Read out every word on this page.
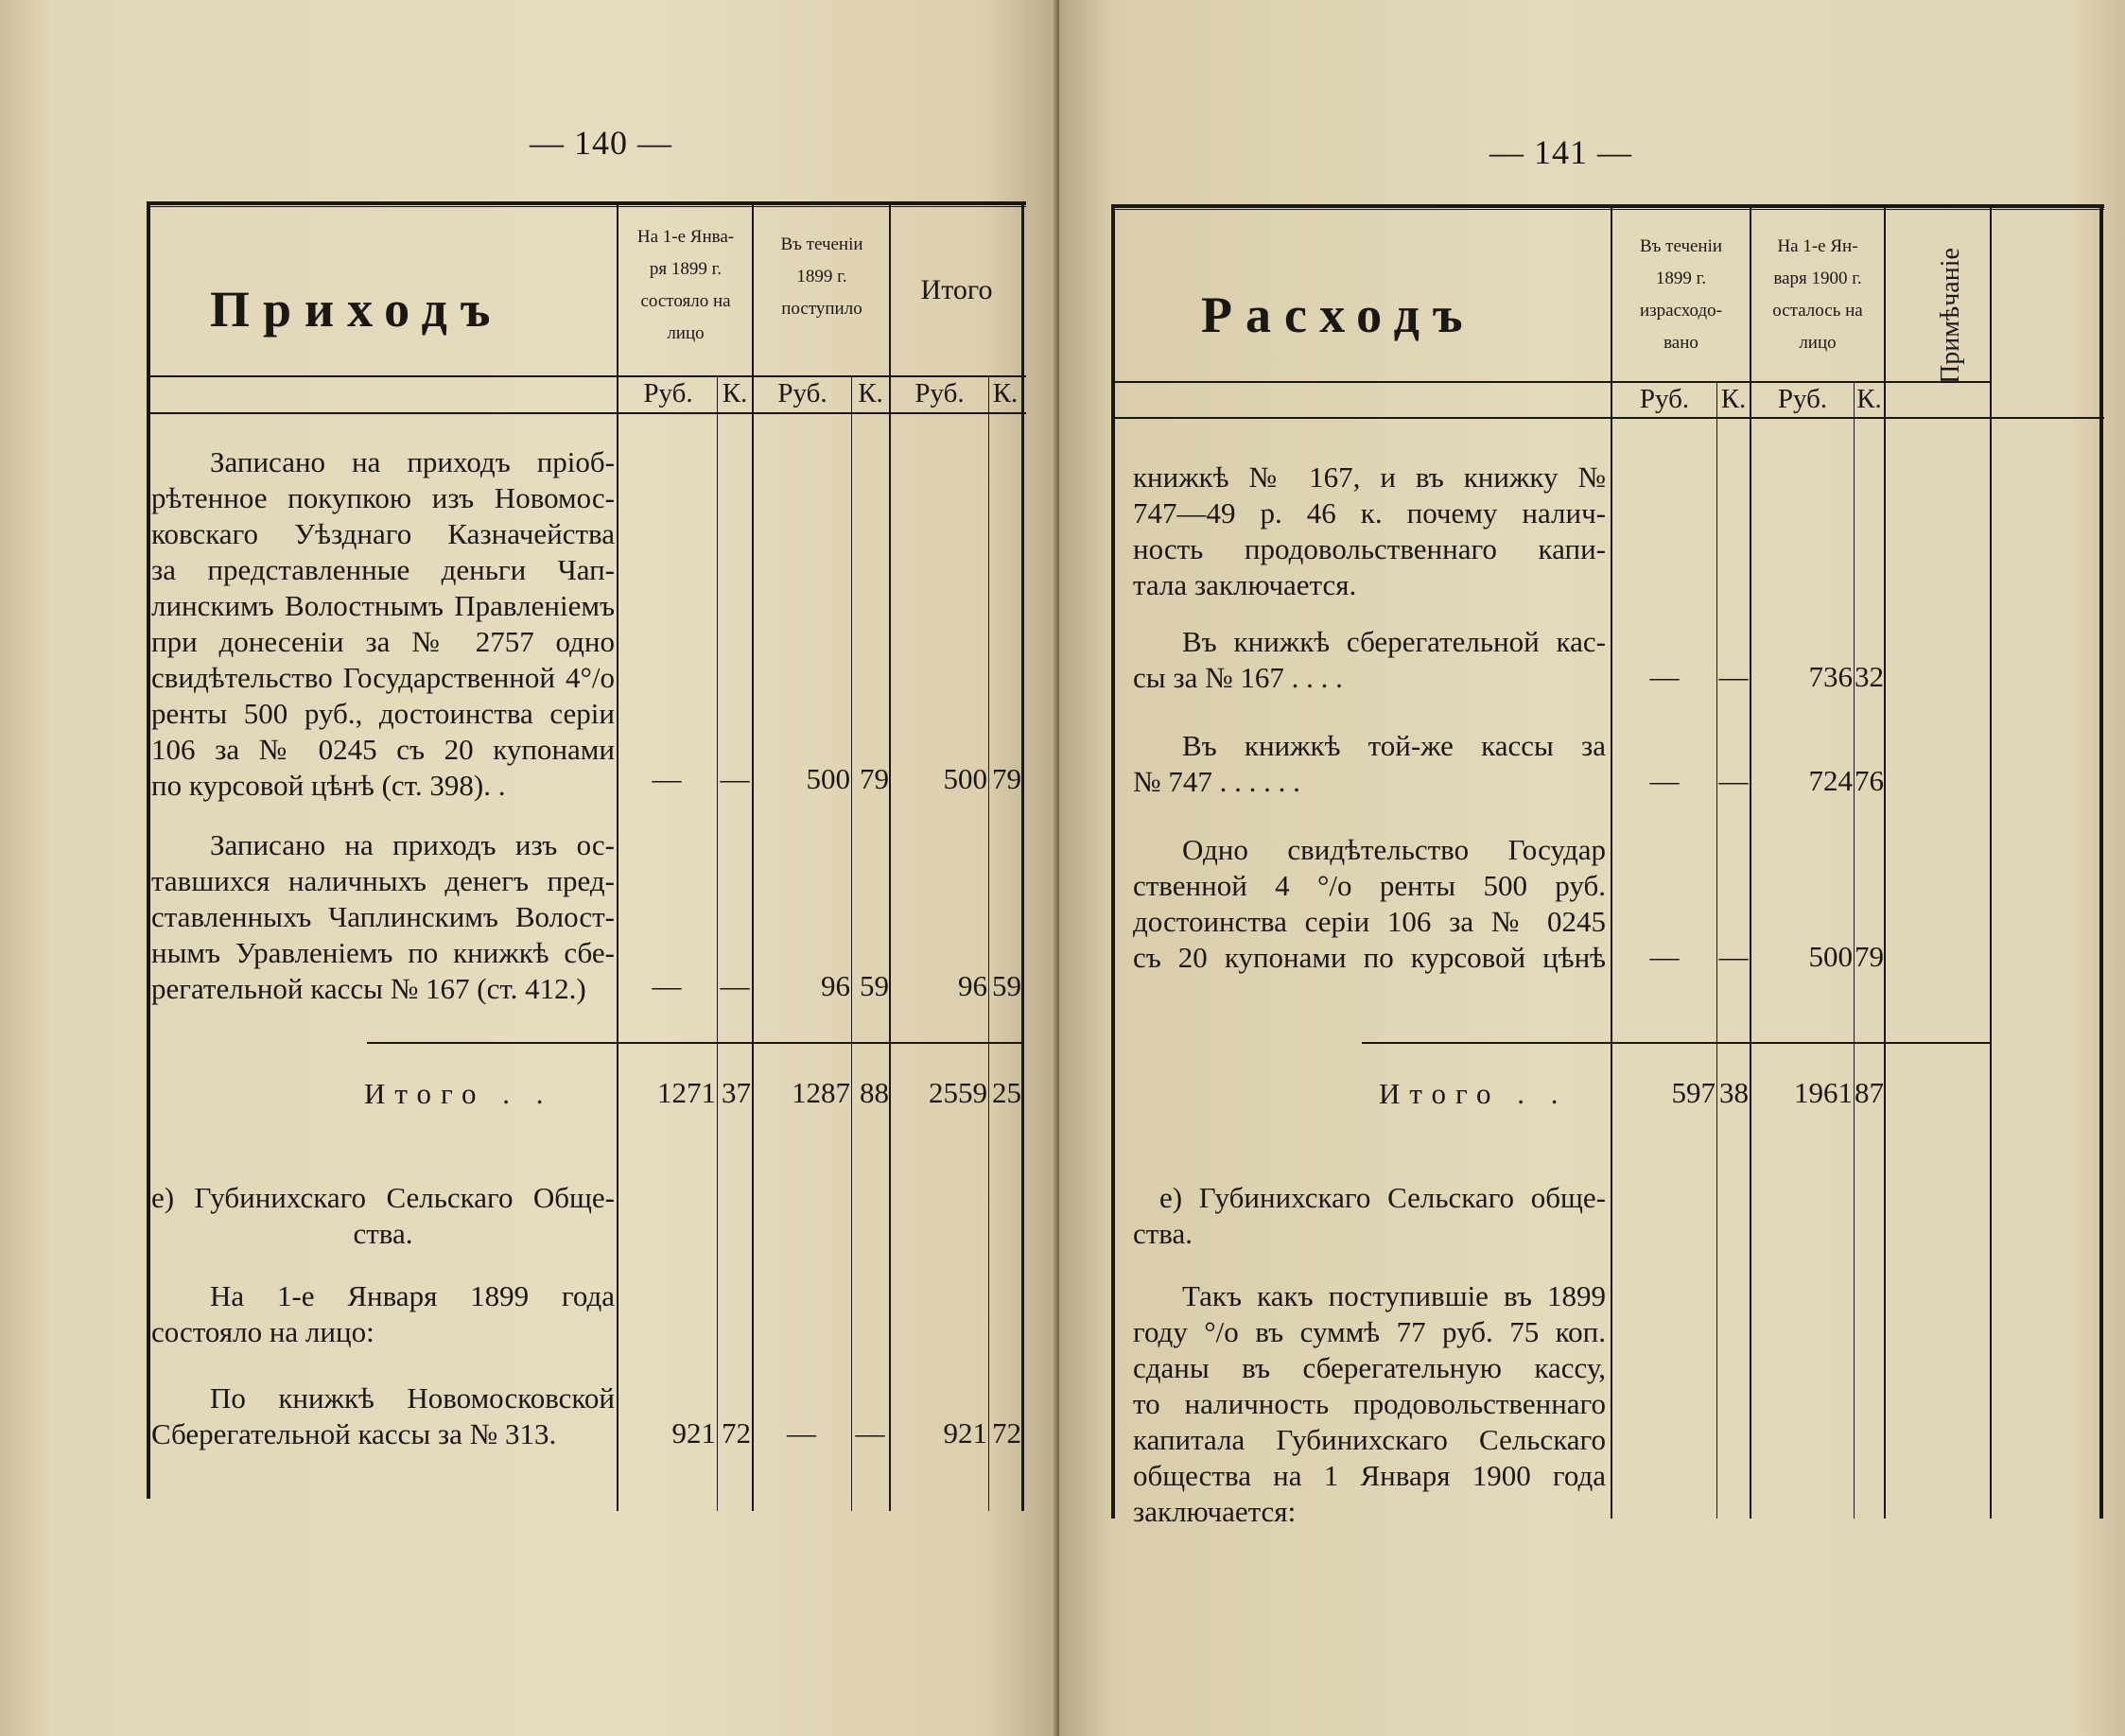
— 140 —
Приходъ
На 1-е Янва-
ря 1899 г.
состояло на
лицо
Въ теченіи
1899 г.
поступило
Итого
Руб.	К.	Руб.	К.	Руб.	К.

Записано на приходъ пріоб-

рѣтенное покупкою изъ Новомос-

ковскаго Уѣзднаго Казначейства

за представленные деньги Чап-

линскимъ Волостнымъ Правленіемъ

при донесеніи за № 2757 одно

свидѣтельство Государственной 4°/о

ренты 500 руб., достоинства серіи

106 за № 0245 съ 20 купонами

по курсовой цѣнѣ (ст. 398). .	—	—	500 79	500 79

Записано на приходъ изъ ос-

тавшихся наличныхъ денегъ пред-

ставленныхъ Чаплинскимъ Волост-

нымъ Уравленіемъ по книжкѣ сбе-

регательной кассы № 167 (ст. 412.)	—	—	96 59	96 59
Итого . .	1271 37	1287 88	2559 25

е) Губинихскаго Сельскаго Обще-

ства.

На 1-е Января 1899 года

состояло на лицо:

По книжкѣ Новомосковской

Сберегательной кассы за № 313.	921 72	—	—	921 72
— 141 —
Расходъ
Въ теченіи
1899 г.
израсходо-
вано
На 1-е Ян-
варя 1900 г.
осталось на
лицо	Примѣчаніе
Руб.	К.	Руб.	К.

книжкѣ № 167, и въ книжку №

747—49 р. 46 к. почему налич-

ность продовольственнаго капи-

тала заключается.

Въ книжкѣ сберегательной кас-

сы за № 167 . . . .	—	—	736 32

Въ книжкѣ той-же кассы за

№ 747 . . . . . .	—	—	724 76

Одно свидѣтельство Государ

ственной 4 °/о ренты 500 руб.

достоинства серіи 106 за № 0245

съ 20 купонами по курсовой цѣнѣ	—	—	500 79
Итого . .	597 38	1961 87

е) Губинихскаго Сельскаго обще-

ства.

Такъ какъ поступившіе въ 1899

году °/о въ суммѣ 77 руб. 75 коп.

сданы въ сберегательную кассу,

то наличность продовольственнаго

капитала Губинихскаго Сельскаго

общества на 1 Января 1900 года

заключается:
